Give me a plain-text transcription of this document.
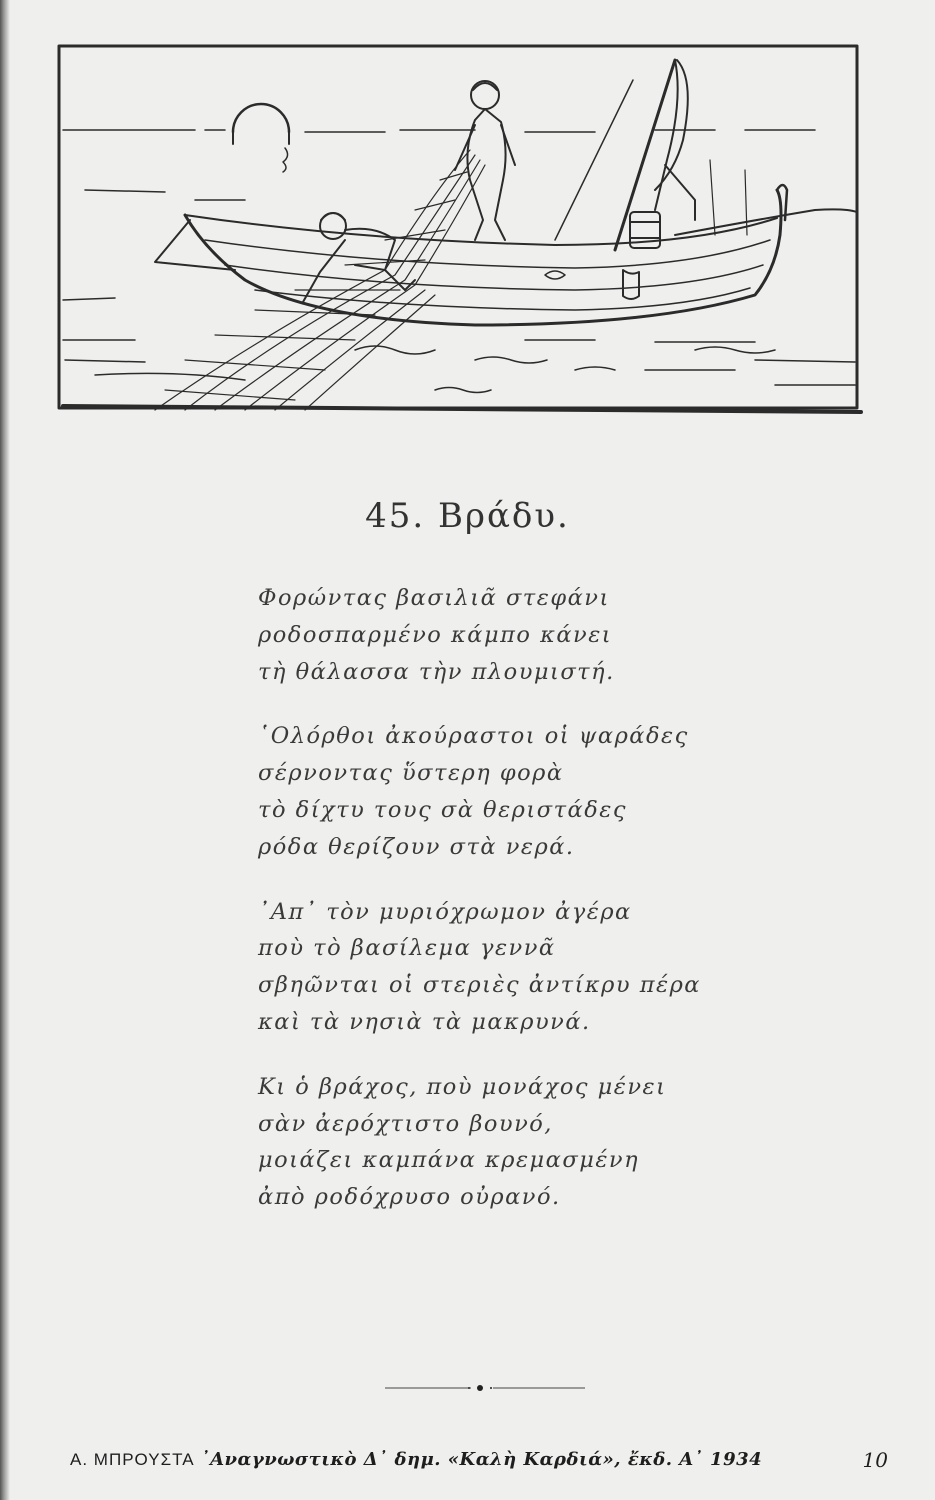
45. Βράδυ.
Φορώντας βασιλιᾶ στεφάνι
ροδοσπαρμένο κάμπο κάνει
τὴ θάλασσα τὴν πλουμιστή.
῾Ολόρθοι ἀκούραστοι οἱ ψαράδες
σέρνοντας ὕστερη φορὰ
τὸ δίχτυ τους σὰ θεριστάδες
ρόδα θερίζουν στὰ νερά.
᾿Απ᾿ τὸν μυριόχρωμον ἀγέρα
ποὺ τὸ βασίλεμα γεννᾶ
σβηῶνται οἱ στεριὲς ἀντίκρυ πέρα
καὶ τὰ νησιὰ τὰ μακρυνά.
Κι ὁ βράχος, ποὺ μονάχος μένει
σὰν ἀερόχτιστο βουνό,
μοιάζει καμπάνα κρεμασμένη
ἀπὸ ροδόχρυσο οὐρανό.
Α. ΜΠΡΟΥΣΤΑ ᾿Αναγνωστικὸ Δ᾿ δημ. «Καλὴ Καρδιά», ἔκδ. Α᾿ 1934	10
